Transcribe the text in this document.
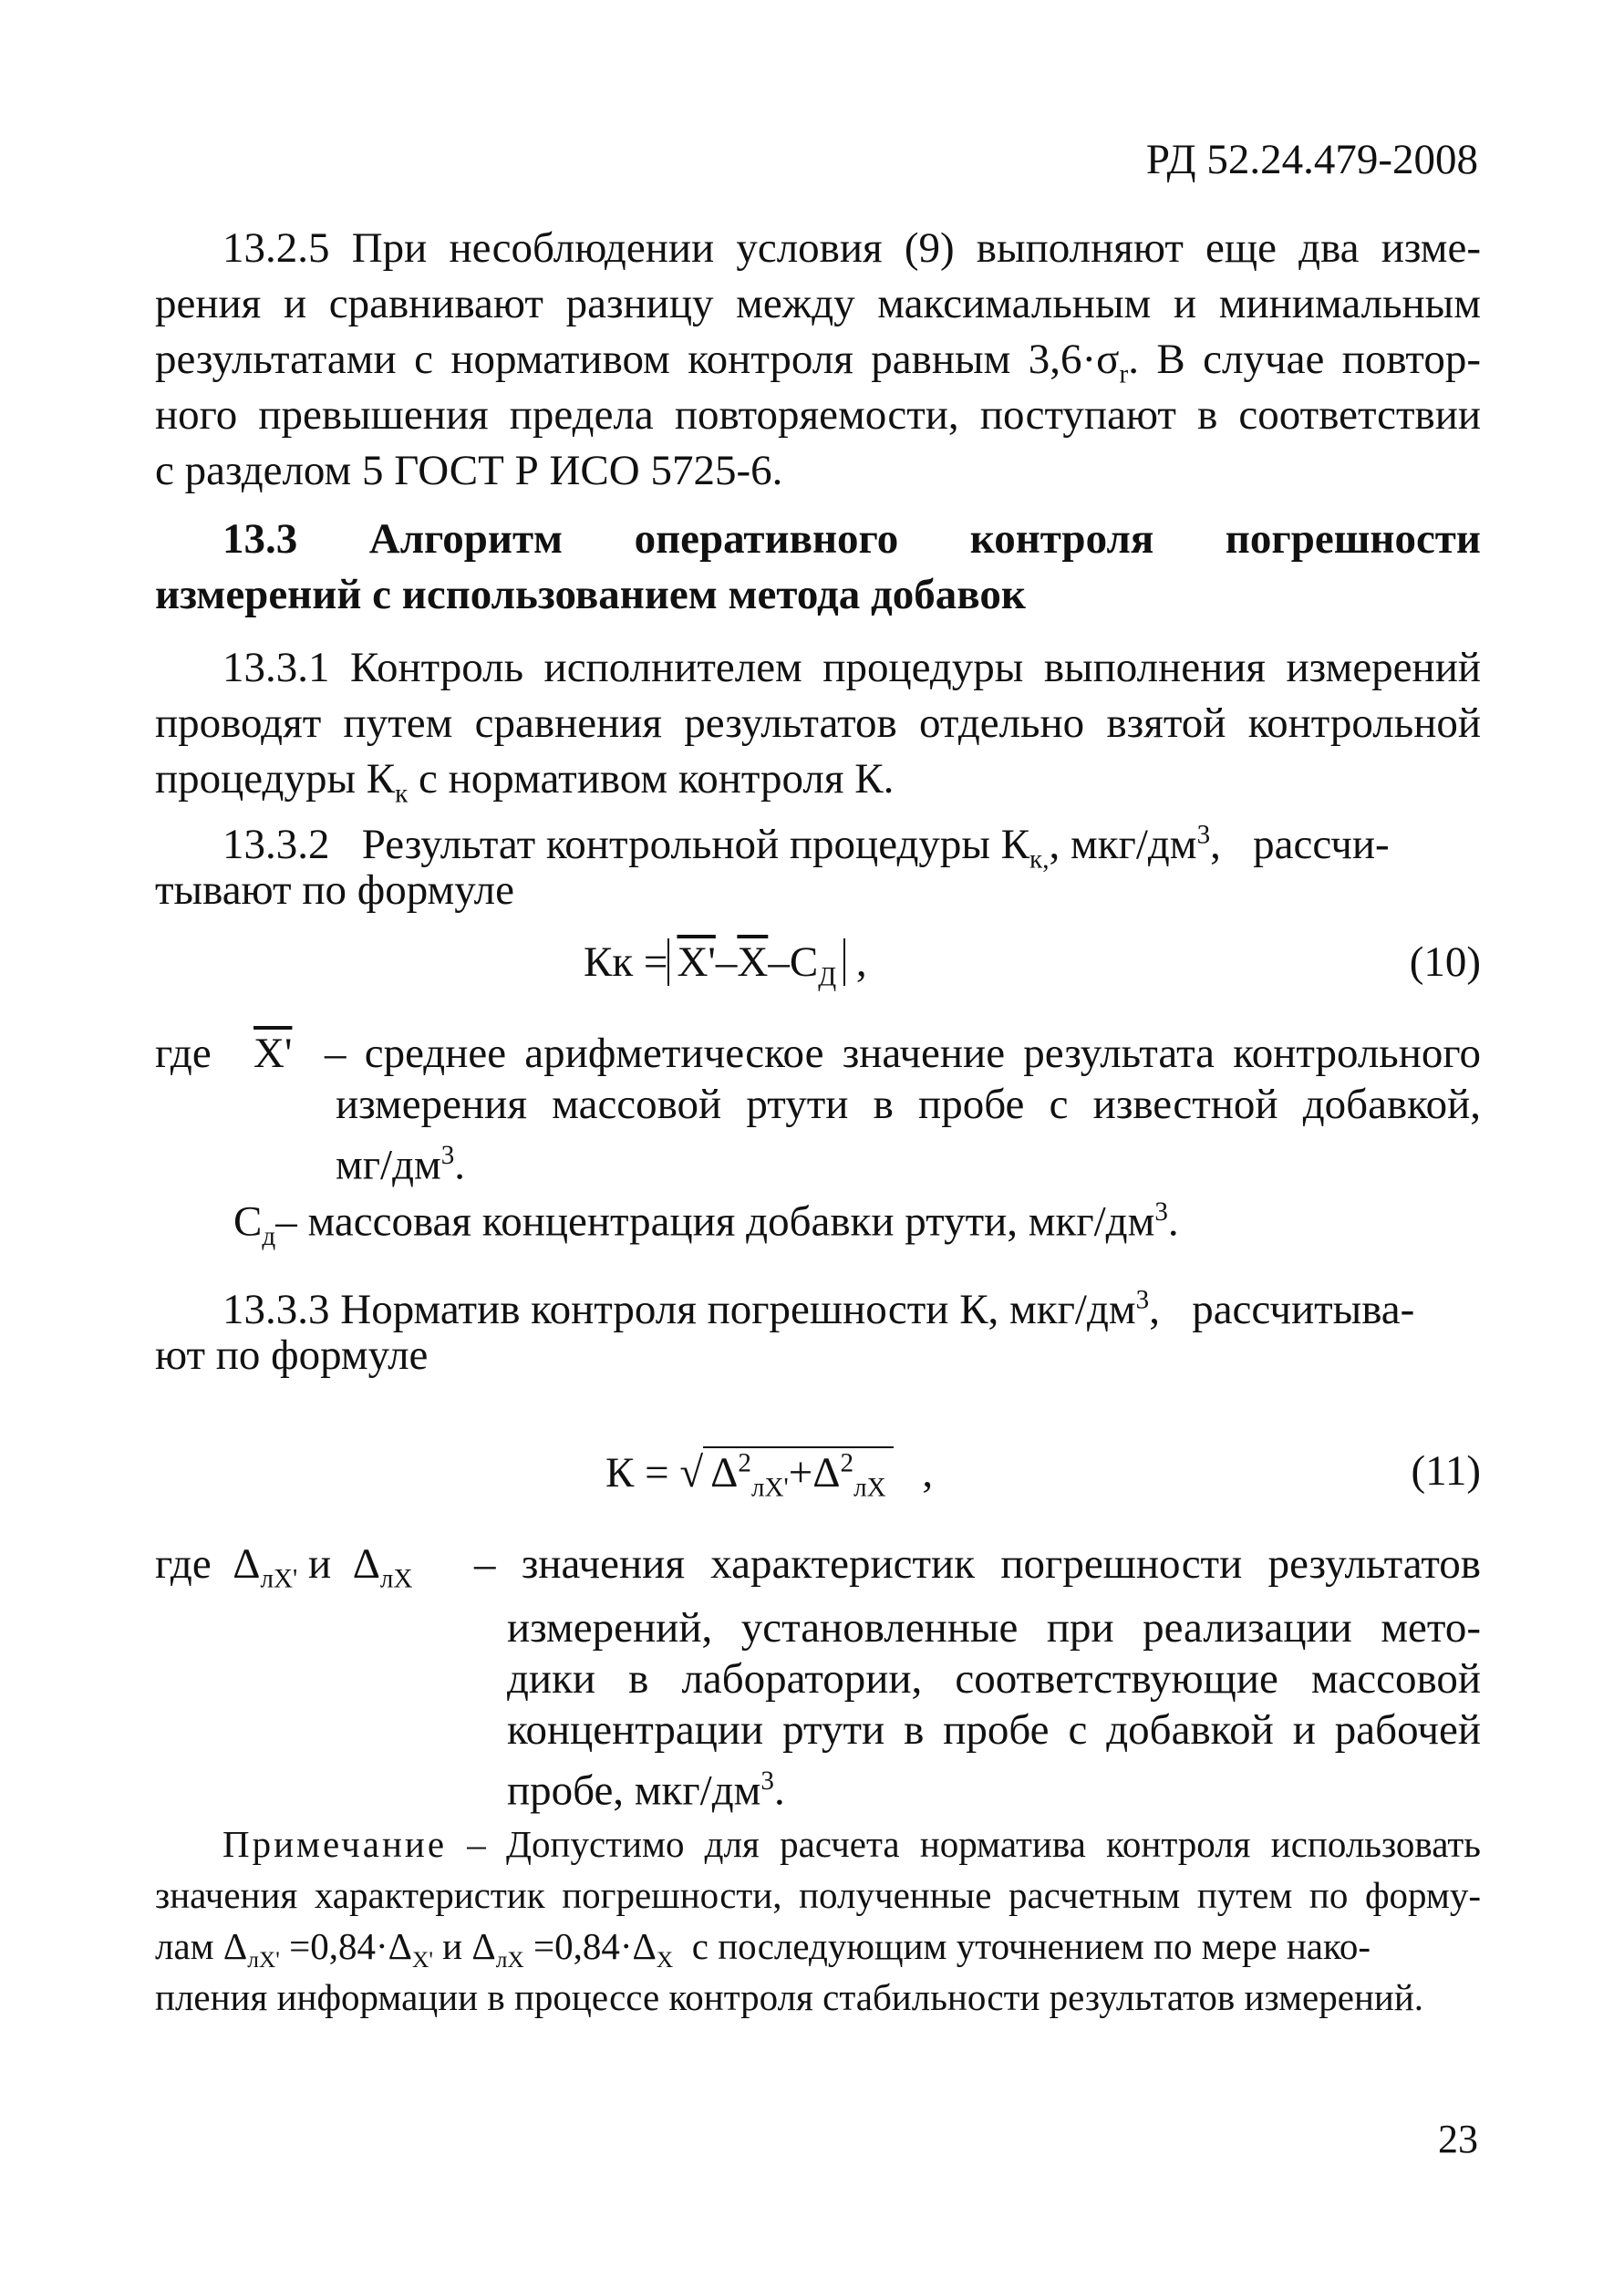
РД 52.24.479-2008
13.2.5 При несоблюдении условия (9) выполняют еще два изме-
рения и сравнивают разницу между максимальным и минимальным
результатами с нормативом контроля равным $3,6\cdot\sigma_r$. В случае повтор-
ного превышения предела повторяемости, поступают в соответствии
с разделом 5 ГОСТ Р ИСО 5725-6.
13.3 Алгоритм оперативного контроля погрешности
измерений с использованием метода добавок
13.3.1 Контроль исполнителем процедуры выполнения измерений
проводят путем сравнения результатов отдельно взятой контрольной
процедуры $К_к$ с нормативом контроля К.
13.3.2   Результат контрольной процедуры $К_{к,}$, мкг/$дм^3$,   рассчи-
тывают по формуле
Кк = $X'-\overline{X}-С_Д$ ,	(10)
где X' – среднее арифметическое значение результата контрольного
измерения массовой ртути в пробе с известной добавкой,
$мг/дм^3$.
$С_д-$ массовая концентрация добавки ртути, мкг/$дм^3$.
13.3.3 Норматив контроля погрешности К, мкг/$дм^3$,   рассчитыва-
ют по формуле
К = √ $\Delta^2_{лХ'}+\Delta^2_{лХ}$ ,	(11)
где $\Delta_{лХ'}$ и $\Delta_{лХ}$ – значения характеристик погрешности результатов
измерений, установленные при реализации мето-
дики в лаборатории, соответствующие массовой
концентрации ртути в пробе с добавкой и рабочей
пробе, мкг/$дм^3$.
Примечание – Допустимо для расчета норматива контроля использовать
значения характеристик погрешности, полученные расчетным путем по форму-
лам $\Delta_{лХ'} =0,84\cdot\Delta_{Х'}$ и $\Delta_{лХ} =0,84\cdot\Delta_Х$  с последующим уточнением по мере нако-
пления информации в процессе контроля стабильности результатов измерений.
23
